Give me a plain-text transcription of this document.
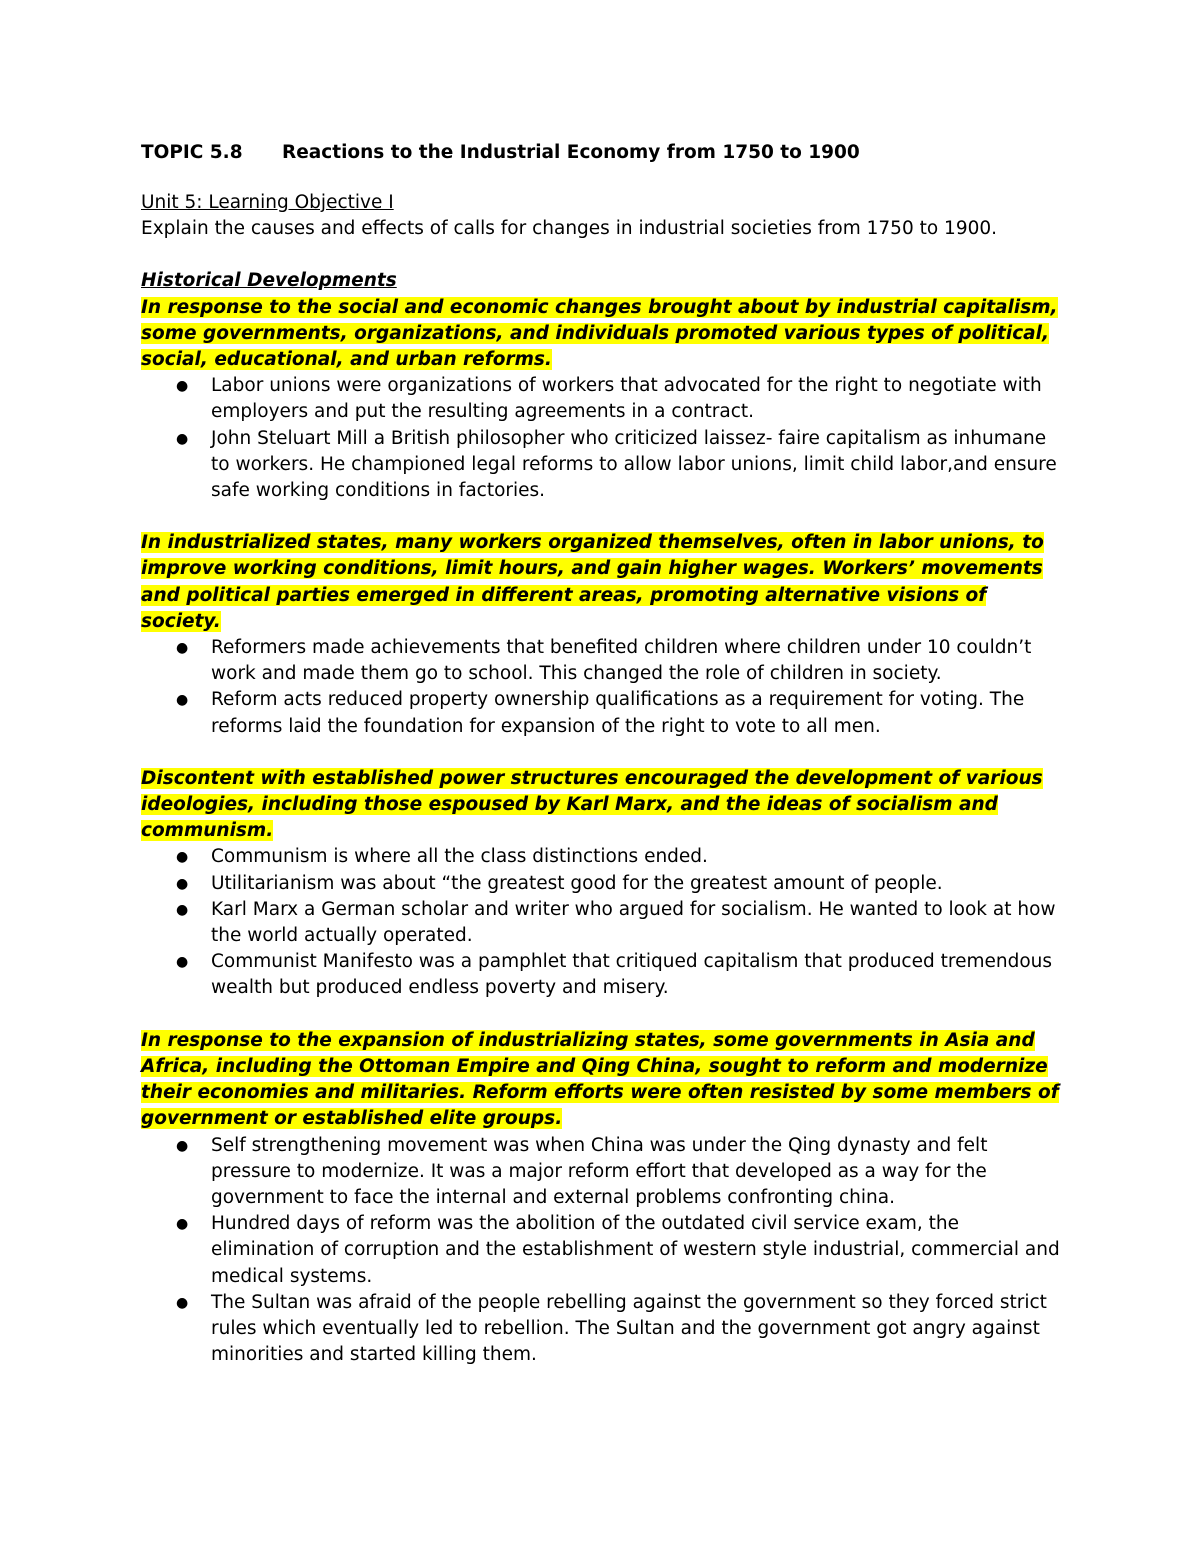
TOPIC 5.8 Reactions to the Industrial Economy from 1750 to 1900

Unit 5: Learning Objective I

Explain the causes and effects of calls for changes in industrial societies from 1750 to 1900.

Historical Developments

In response to the social and economic changes brought about by industrial capitalism, some governments, organizations, and individuals promoted various types of political, social, educational, and urban reforms.

● Labor unions were organizations of workers that advocated for the right to negotiate with employers and put the resulting agreements in a contract.
● John Steluart Mill a British philosopher who criticized laissez- faire capitalism as inhumane to workers. He championed legal reforms to allow labor unions, limit child labor,and ensure safe working conditions in factories.

In industrialized states, many workers organized themselves, often in labor unions, to improve working conditions, limit hours, and gain higher wages. Workers’ movements and political parties emerged in different areas, promoting alternative visions of society.

● Reformers made achievements that benefited children where children under 10 couldn’t work and made them go to school. This changed the role of children in society.
● Reform acts reduced property ownership qualifications as a requirement for voting. The reforms laid the foundation for expansion of the right to vote to all men.

Discontent with established power structures encouraged the development of various ideologies, including those espoused by Karl Marx, and the ideas of socialism and communism.

● Communism is where all the class distinctions ended.
● Utilitarianism was about “the greatest good for the greatest amount of people.
● Karl Marx a German scholar and writer who argued for socialism. He wanted to look at how the world actually operated.
● Communist Manifesto was a pamphlet that critiqued capitalism that produced tremendous wealth but produced endless poverty and misery.

In response to the expansion of industrializing states, some governments in Asia and Africa, including the Ottoman Empire and Qing China, sought to reform and modernize their economies and militaries. Reform efforts were often resisted by some members of government or established elite groups.

● Self strengthening movement was when China was under the Qing dynasty and felt pressure to modernize. It was a major reform effort that developed as a way for the government to face the internal and external problems confronting china.
● Hundred days of reform was the abolition of the outdated civil service exam, the elimination of corruption and the establishment of western style industrial, commercial and medical systems.
● The Sultan was afraid of the people rebelling against the government so they forced strict rules which eventually led to rebellion. The Sultan and the government got angry against minorities and started killing them.
